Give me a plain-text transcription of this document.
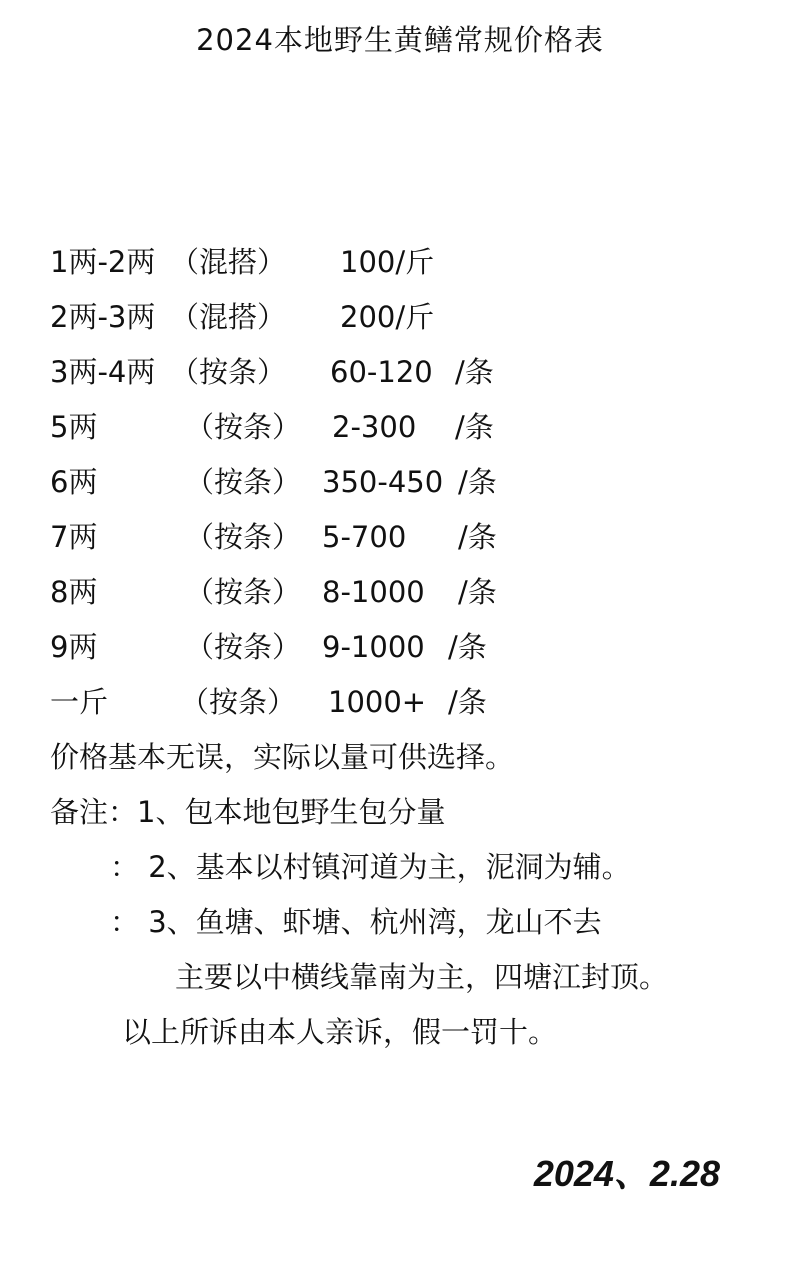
2024本地野生黄鳝常规价格表
1两-2两 （混搭） 100/斤
2两-3两 （混搭） 200/斤
3两-4两 （按条） 60-120 /条
5两	（按条） 2-300 /条
6两	（按条） 350-450 /条
7两	（按条） 5-700 /条
8两	（按条） 8-1000 /条
9两	（按条） 9-1000 /条
一斤 （按条） 1000+ /条
价格基本无误，实际以量可供选择。
备注：1、包本地包野生包分量
： 2、基本以村镇河道为主，泥洞为辅。
： 3、鱼塘、虾塘、杭州湾，龙山不去
主要以中横线靠南为主，四塘江封顶。
以上所诉由本人亲诉，假一罚十。
2024、2.28
